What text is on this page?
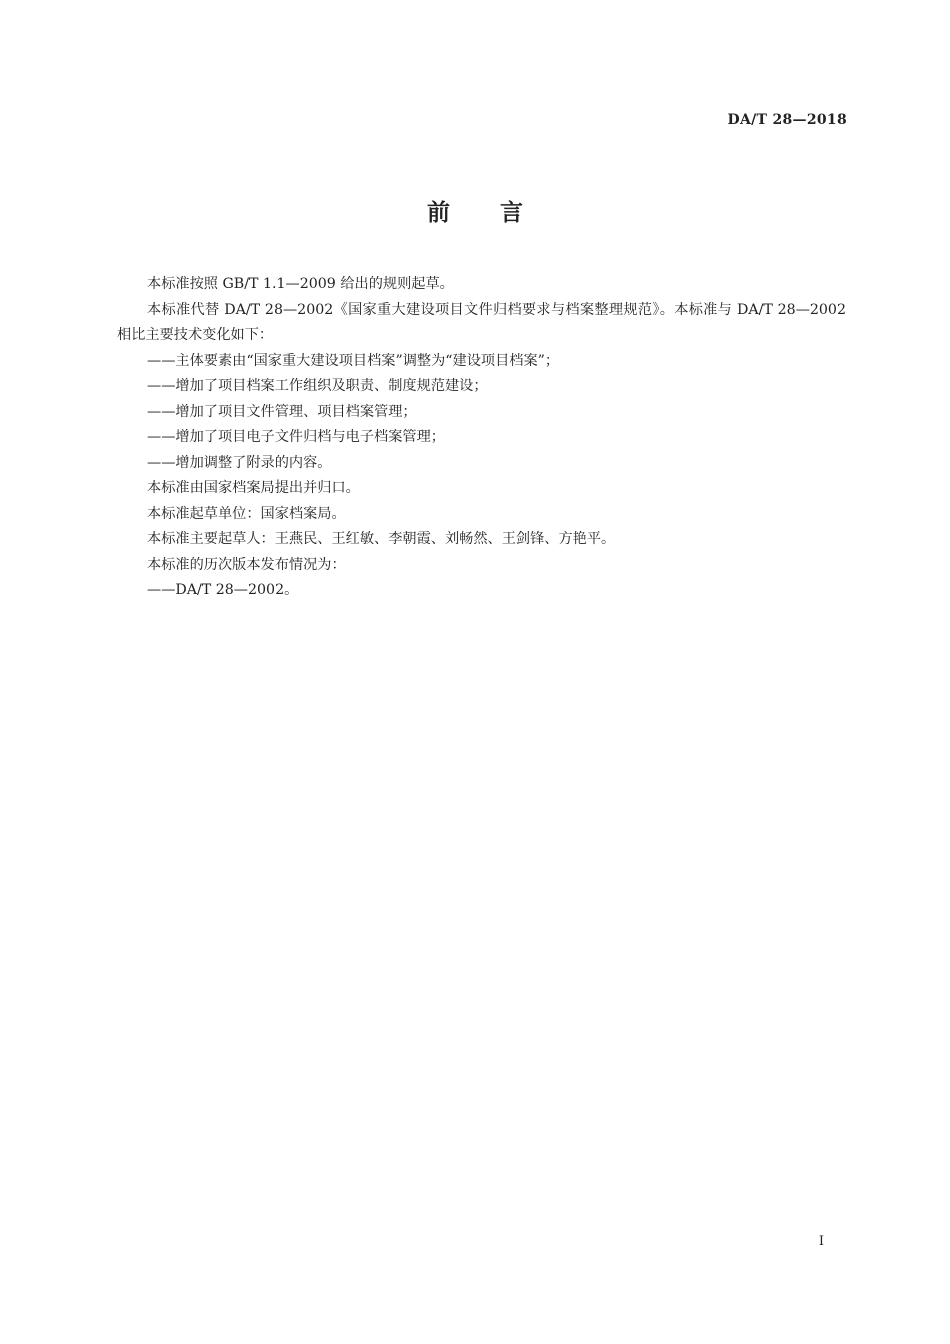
DA/T 28—2018
前言

本标准按照 GB/T 1.1—2009 给出的规则起草。

本标准代替 DA/T 28—2002《国家重大建设项目文件归档要求与档案整理规范》。本标准与 DA/T 28—2002 相比主要技术变化如下：

——主体要素由“国家重大建设项目档案”调整为“建设项目档案”；

——增加了项目档案工作组织及职责、制度规范建设；

——增加了项目文件管理、项目档案管理；

——增加了项目电子文件归档与电子档案管理；

——增加调整了附录的内容。

本标准由国家档案局提出并归口。

本标准起草单位：国家档案局。

本标准主要起草人：王燕民、王红敏、李朝霞、刘畅然、王剑锋、方艳平。

本标准的历次版本发布情况为：

——DA/T 28—2002。

I
